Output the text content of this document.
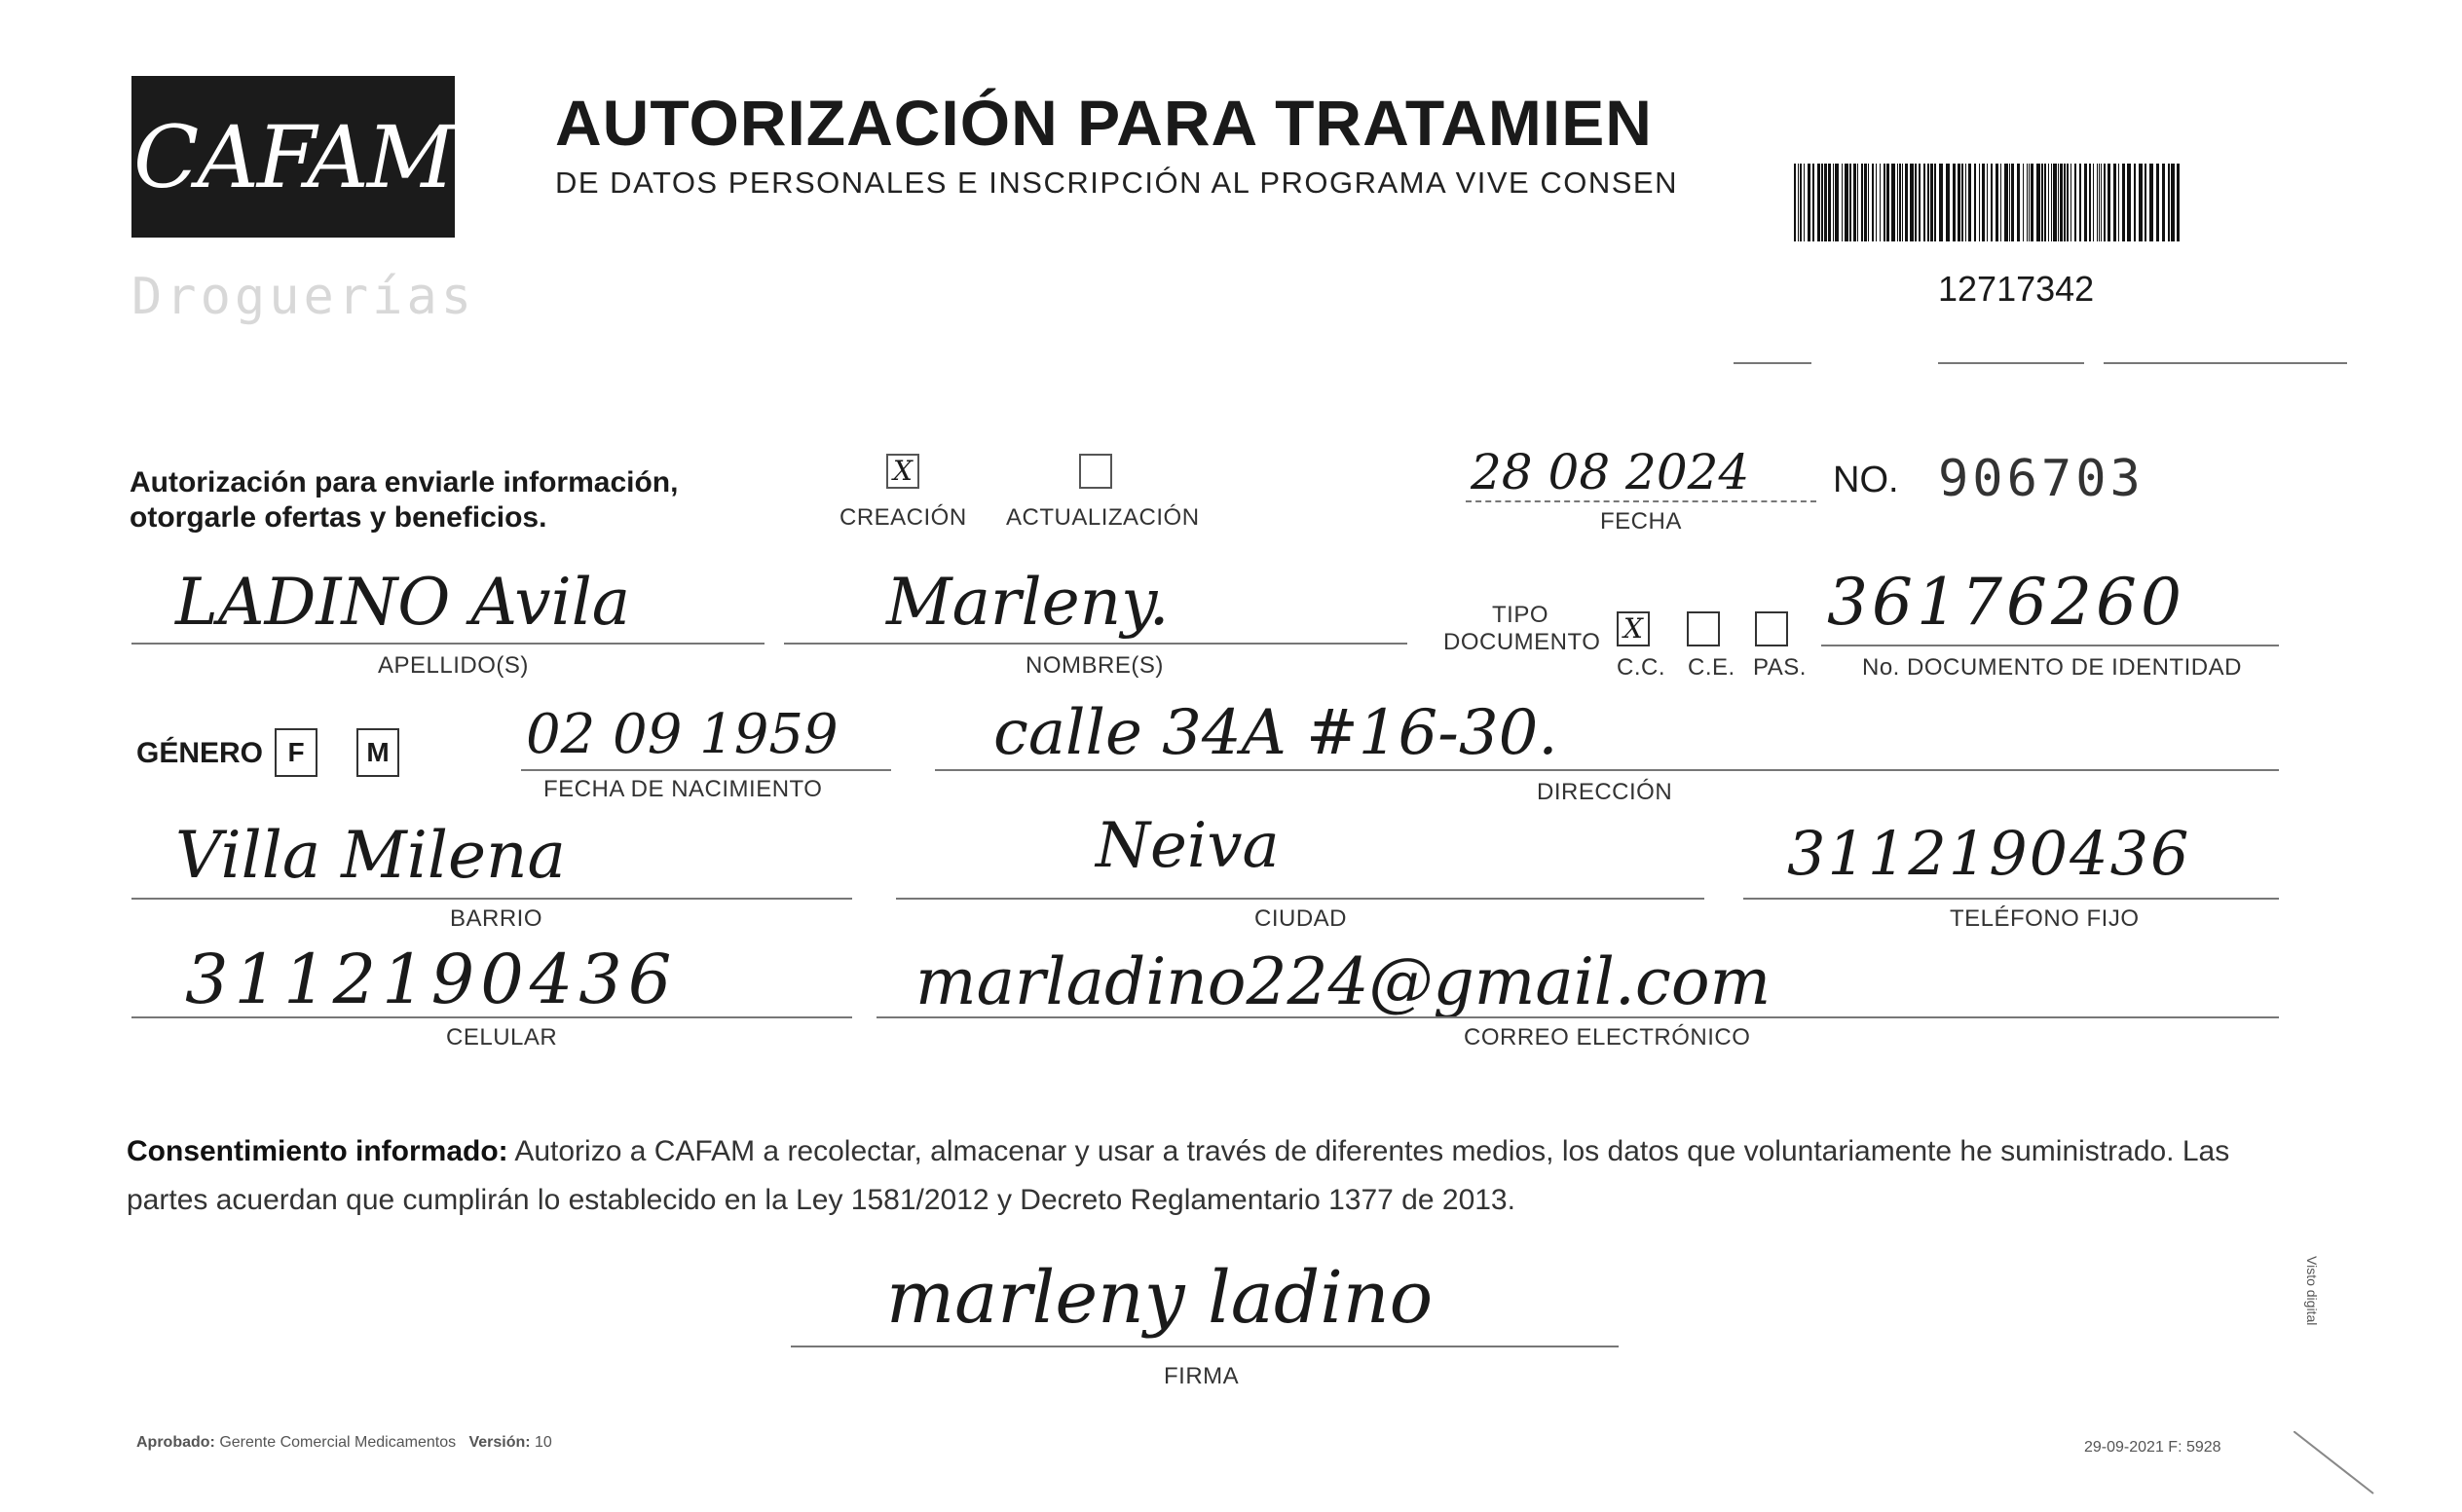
CAFAM
Droguerías
AUTORIZACIÓN PARA TRATAMIEN
DE DATOS PERSONALES E INSCRIPCIÓN AL PROGRAMA VIVE CONSEN
12717342
Autorización para enviarle información,
otorgarle ofertas y beneficios.
X
CREACIÓN ACTUALIZACIÓN
28 08 2024
FECHA
NO. 906703
LADINO Avila
APELLIDO(S)
Marleny.
NOMBRE(S)
TIPO
DOCUMENTO X
C.C. C.E. PAS.
36176260
No. DOCUMENTO DE IDENTIDAD
GÉNERO F	M	02 09 1959
FECHA DE NACIMIENTO
calle 34A #16-30.
DIRECCIÓN
Villa Milena
BARRIO
Neiva
CIUDAD
3112190436
TELÉFONO FIJO
3112190436
CELULAR
marladino224@gmail.com
CORREO ELECTRÓNICO
Consentimiento informado: Autorizo a CAFAM a recolectar, almacenar y usar a través de diferentes medios, los datos que voluntariamente he suministrado. Las partes acuerdan que cumplirán lo establecido en la Ley 1581/2012 y Decreto Reglamentario 1377 de 2013.
marleny ladino
FIRMA
Aprobado: Gerente Comercial Medicamentos Versión: 10	29-09-2021 F: 5928
Visto digital
